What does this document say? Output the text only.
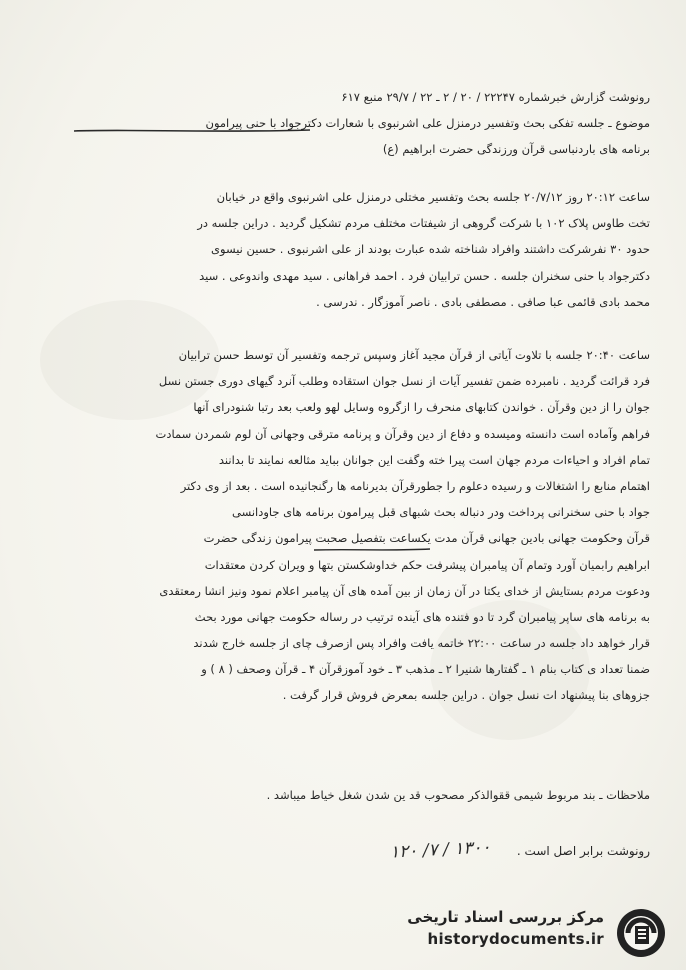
رونوشت گزارش خبرشماره ۲۲۲۴۷ / ۲۰ / ۲ ـ ۲۲ / ۲۹/۷ منبع ۶۱۷
موضوع ـ جلسه تفکی بحث وتفسیر درمنزل علی اشرنبوی با شعارات دکترجواد با حنی پیرامون
برنامه های باردنباسی قرآن ورزندگی حضرت ابراهیم (ع)
ساعت ۲۰:۱۲ روز ۲۰/۷/۱۲ جلسه بحث وتفسیر مختلی درمنزل علی اشرنبوی واقع در خیابان
تخت طاوس پلاک ۱۰۲ با شرکت گروهی از شیفتات مختلف مردم تشکیل گردید . دراین جلسه در
حدود ۳۰ نفرشرکت داشتند وافراد شناخته شده عبارت بودند از علی اشرنبوی . حسین نیسوی
دکترجواد با حنی سخنران جلسه . حسن ترابیان فرد . احمد فراهانی . سید مهدی واندوعی . سید
محمد بادی قائمی عبا صافی . مصطفی بادی . ناصر آموزگار . ندرسی .
ساعت ۲۰:۴۰ جلسه با تلاوت آیاتی از قرآن مجید آغاز وسپس ترجمه وتفسیر آن توسط حسن ترابیان
فرد قرائت گردید . نامبرده ضمن تفسیر آیات از نسل جوان استقاده وطلب آنرد گیهای دوری جستن نسل
جوان را از دین وقرآن . خواندن کتابهای منحرف را ازگروه وسایل لهو ولعب بعد رتبا شنودرای آنها
فراهم وآماده است دانسته ومیسده و دفاع از دین وقرآن و پرنامه مترقی وجهانی آن لوم شمردن سمادت
تمام افراد و احیاءات مردم جهان است پیرا خته وگفت این جوانان بباید مثالعه نمایند تا بدانند
اهتمام منابع را اشتغالات و رسیده دعلوم را جطورقرآن بدیرنامه ها رگنجانیده است . بعد از وی دکتر
جواد با حنی سخنرانی پرداخت ودر دنباله بحث شبهای قبل پیرامون برنامه های جاودانسی
قرآن وحکومت جهانی بادین جهانی قرآن مدت یکساعت بتفصیل صحبت پیرامون زندگی حضرت
ابراهیم رابمیان آورد وتمام آن پیامبران پیشرفت حکم خداوشکستن بتها و ویران کردن معتقدات
ودعوت مردم بستایش از خدای یکتا در آن زمان از بین آمده های آن پیامبر اعلام نمود ونیز انشا رمعتقدی
به برنامه های ساپر پیامبران گرد تا دو فتنده های آینده ترتیب در رساله حکومت جهانی مورد بحث
قرار خواهد داد جلسه در ساعت ۲۲:۰۰ خاتمه یافت وافراد پس ازصرف چای از جلسه خارج شدند
ضمنا تعداد ی کتاب بنام ۱ ـ گفتارها شنیرا ۲ ـ مذهب ۳ ـ خود آموزقرآن ۴ ـ قرآن وصحف ( ۸ ) و
جزوهای بنا پیشنهاد ات نسل جوان . دراین جلسه بمعرض فروش قرار گرفت .
ملاحظات ـ بند مربوط شیمی ققوالذکر مصحوب قد ین شدن شغل خیاط میباشد .
رونوشت برابر اصل است . ۱۳۰۰ / ۷/ ۱۲۰
مرکز بررسی اسناد تاریخی
historydocuments.ir
